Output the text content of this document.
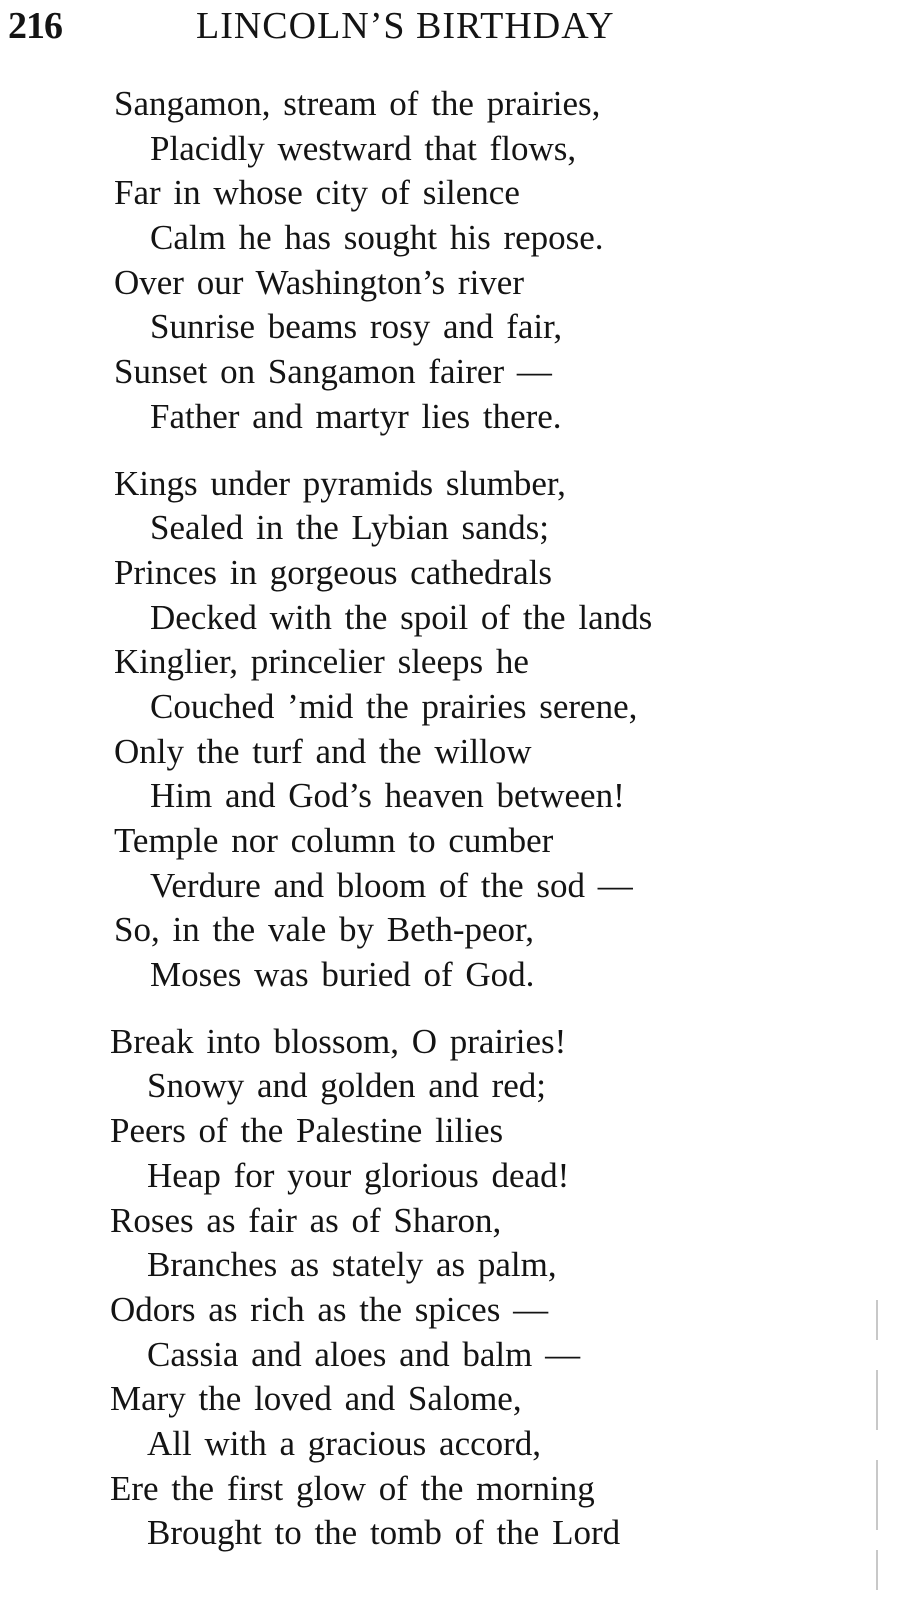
216	LINCOLN’S BIRTHDAY
Sangamon, stream of the prairies,
Placidly westward that flows,
Far in whose city of silence
Calm he has sought his repose.
Over our Washington’s river
Sunrise beams rosy and fair,
Sunset on Sangamon fairer —
Father and martyr lies there.
Kings under pyramids slumber,
Sealed in the Lybian sands;
Princes in gorgeous cathedrals
Decked with the spoil of the lands
Kinglier, princelier sleeps he
Couched ’mid the prairies serene,
Only the turf and the willow
Him and God’s heaven between!
Temple nor column to cumber
Verdure and bloom of the sod —
So, in the vale by Beth-peor,
Moses was buried of God.
Break into blossom, O prairies!
Snowy and golden and red;
Peers of the Palestine lilies
Heap for your glorious dead!
Roses as fair as of Sharon,
Branches as stately as palm,
Odors as rich as the spices —
Cassia and aloes and balm —
Mary the loved and Salome,
All with a gracious accord,
Ere the first glow of the morning
Brought to the tomb of the Lord
